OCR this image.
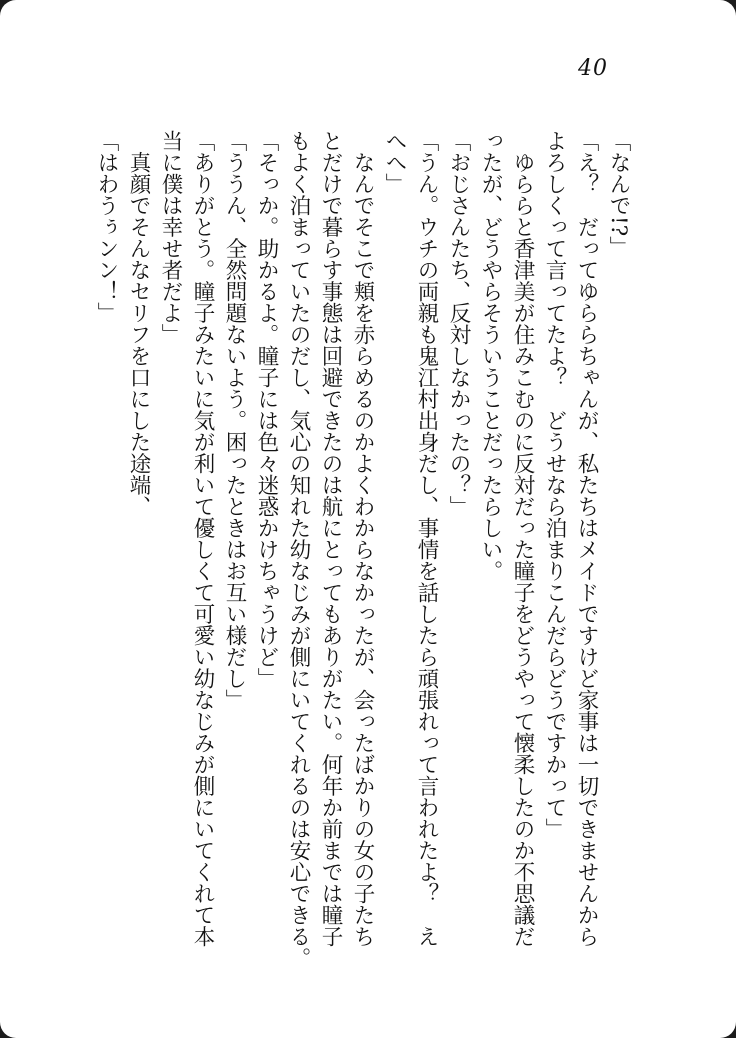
40

「なんで!?」

「え？　だってゆららちゃんが、私たちはメイドですけど家事は一切できませんから

よろしくって言ってたよ？　どうせなら泊まりこんだらどうですかって」

　ゆららと香津美が住みこむのに反対だった瞳子をどうやって懐柔したのか不思議だ

ったが、どうやらそういうことだったらしい。

「おじさんたち、反対しなかったの？」

「うん。ウチの両親も鬼江村出身だし、事情を話したら頑張れって言われたよ？　え

へへ」

　なんでそこで頬を赤らめるのかよくわからなかったが、会ったばかりの女の子たち

とだけで暮らす事態は回避できたのは航にとってもありがたい。何年か前までは瞳子

もよく泊まっていたのだし、気心の知れた幼なじみが側にいてくれるのは安心できる。

「そっか。助かるよ。瞳子には色々迷惑かけちゃうけど」

「ううん、全然問題ないよう。困ったときはお互い様だし」

「ありがとう。瞳子みたいに気が利いて優しくて可愛い幼なじみが側にいてくれて本

当に僕は幸せ者だよ」

　真顔でそんなセリフを口にした途端、

「はわうぅンン！」
